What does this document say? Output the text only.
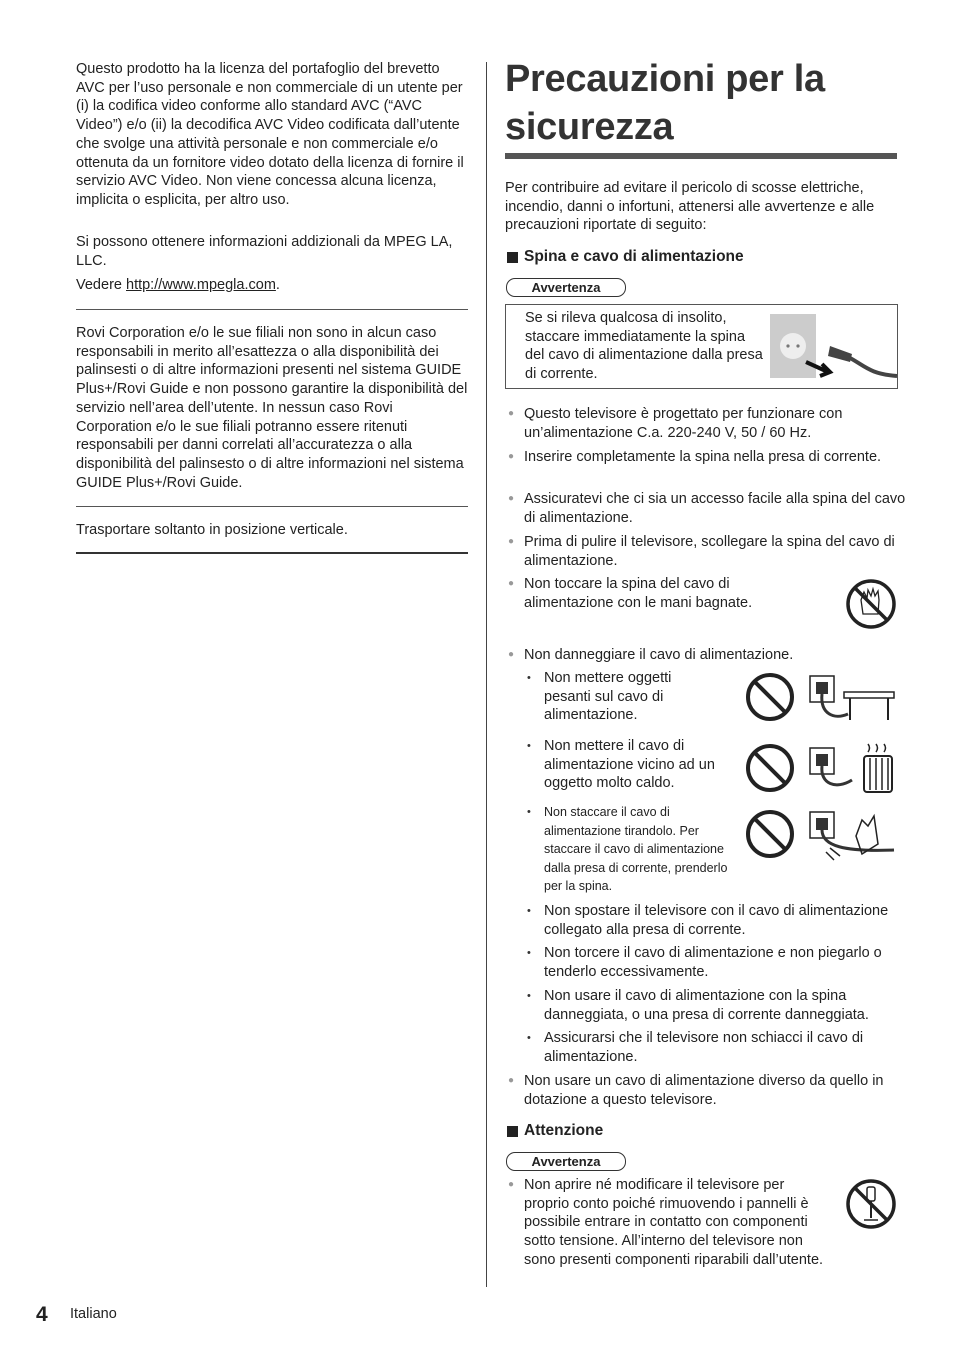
Questo prodotto ha la licenza del portafoglio del brevetto AVC per l’uso personale e non commerciale di un utente per (i) la codifica video conforme allo standard AVC (“AVC Video”) e/o (ii) la decodifica AVC Video codificata dall’utente che svolge una attività personale e non commerciale e/o ottenuta da un fornitore video dotato della licenza di fornire il servizio AVC Video. Non viene concessa alcuna licenza, implicita o esplicita, per altro uso.

Si possono ottenere informazioni addizionali da MPEG LA, LLC.

Vedere http://www.mpegla.com.

Rovi Corporation e/o le sue filiali non sono in alcun caso responsabili in merito all’esattezza o alla disponibilità dei palinsesti o di altre informazioni presenti nel sistema GUIDE Plus+/Rovi Guide e non possono garantire la disponibilità del servizio nell’area dell’utente. In nessun caso Rovi Corporation e/o le sue filiali potranno essere ritenuti responsabili per danni correlati all’accuratezza o alla disponibilità del palinsesto o di altre informazioni nel sistema GUIDE Plus+/Rovi Guide.

Trasportare soltanto in posizione verticale.

Precauzioni per la
sicurezza

Per contribuire ad evitare il pericolo di scosse elettriche, incendio, danni o infortuni, attenersi alle avvertenze e alle precauzioni riportate di seguito:

Spina e cavo di alimentazione
Avvertenza

Se si rileva qualcosa di insolito, staccare immediatamente la spina del cavo di alimentazione dalla presa di corrente.

● Questo televisore è progettato per funzionare con un’alimentazione C.a. 220-240 V, 50 / 60 Hz.
● Inserire completamente la spina nella presa di corrente.
● Assicuratevi che ci sia un accesso facile alla spina del cavo di alimentazione.
● Prima di pulire il televisore, scollegare la spina del cavo di alimentazione.
● Non toccare la spina del cavo di alimentazione con le mani bagnate.
● Non danneggiare il cavo di alimentazione.
• Non mettere oggetti pesanti sul cavo di alimentazione.
• Non mettere il cavo di alimentazione vicino ad un oggetto molto caldo.
• Non staccare il cavo di alimentazione tirandolo. Per staccare il cavo di alimentazione dalla presa di corrente, prenderlo per la spina.
• Non spostare il televisore con il cavo di alimentazione collegato alla presa di corrente.
• Non torcere il cavo di alimentazione e non piegarlo o tenderlo eccessivamente.
• Non usare il cavo di alimentazione con la spina danneggiata, o una presa di corrente danneggiata.
• Assicurarsi che il televisore non schiacci il cavo di alimentazione.
● Non usare un cavo di alimentazione diverso da quello in dotazione a questo televisore.
Attenzione
Avvertenza
● Non aprire né modificare il televisore per proprio conto poiché rimuovendo i pannelli è possibile entrare in contatto con componenti sotto tensione. All’interno del televisore non sono presenti componenti riparabili dall’utente.
4 Italiano
